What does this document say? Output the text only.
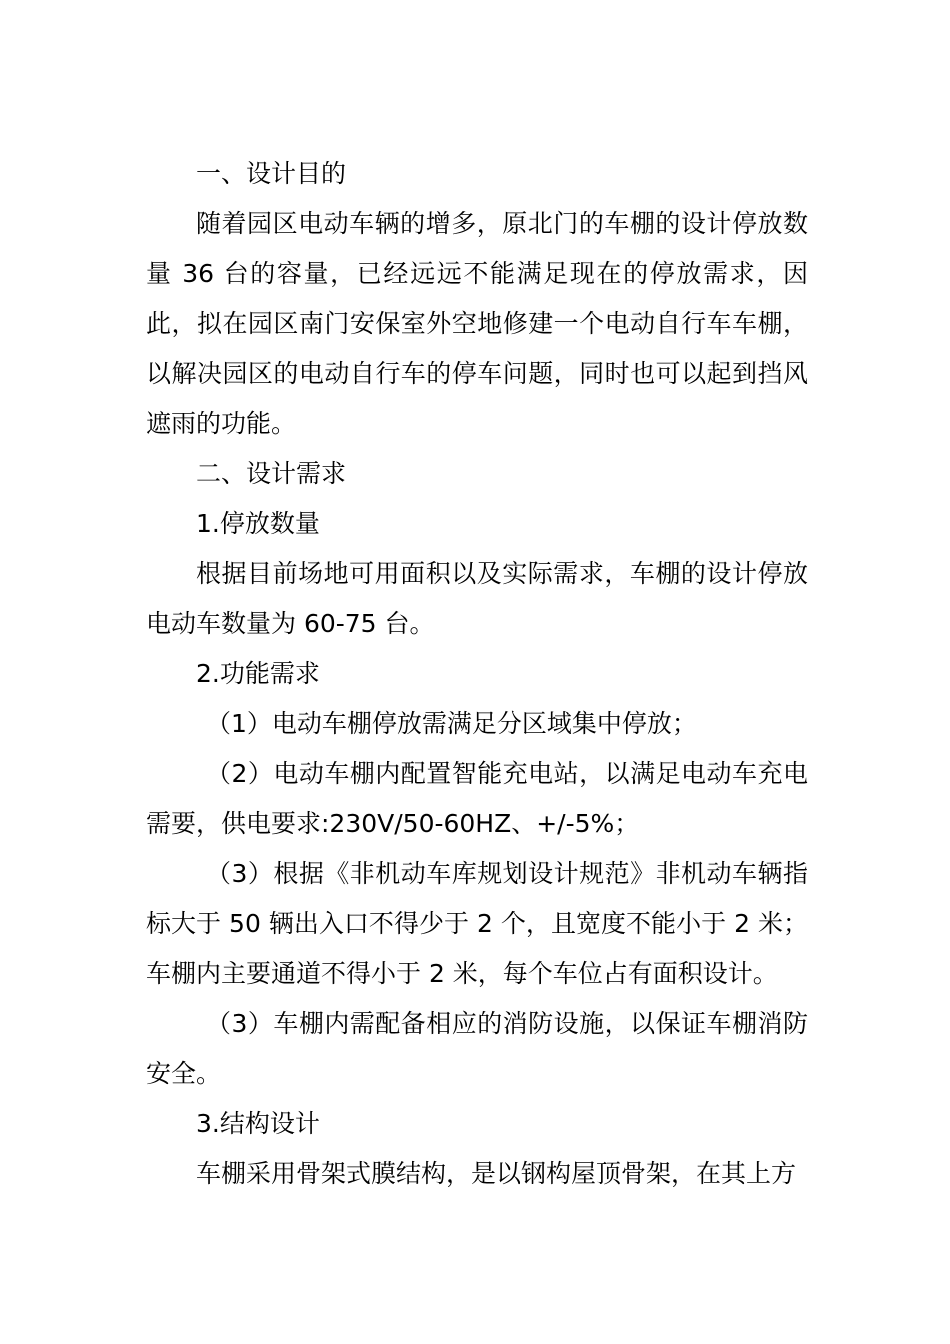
一、设计目的

随着园区电动车辆的增多，原北门的车棚的设计停放数量 36 台的容量，已经远远不能满足现在的停放需求，因此，拟在园区南门安保室外空地修建一个电动自行车车棚，以解决园区的电动自行车的停车问题，同时也可以起到挡风遮雨的功能。

二、设计需求

1.停放数量

根据目前场地可用面积以及实际需求，车棚的设计停放电动车数量为 60-75 台。

2.功能需求

（1）电动车棚停放需满足分区域集中停放；

（2）电动车棚内配置智能充电站，以满足电动车充电需要，供电要求:230V/50-60HZ、+/-5%；

（3）根据《非机动车库规划设计规范》非机动车辆指标大于 50 辆出入口不得少于 2 个，且宽度不能小于 2 米；车棚内主要通道不得小于 2 米，每个车位占有面积设计。

（3）车棚内需配备相应的消防设施，以保证车棚消防安全。

3.结构设计

车棚采用骨架式膜结构，是以钢构屋顶骨架，在其上方
